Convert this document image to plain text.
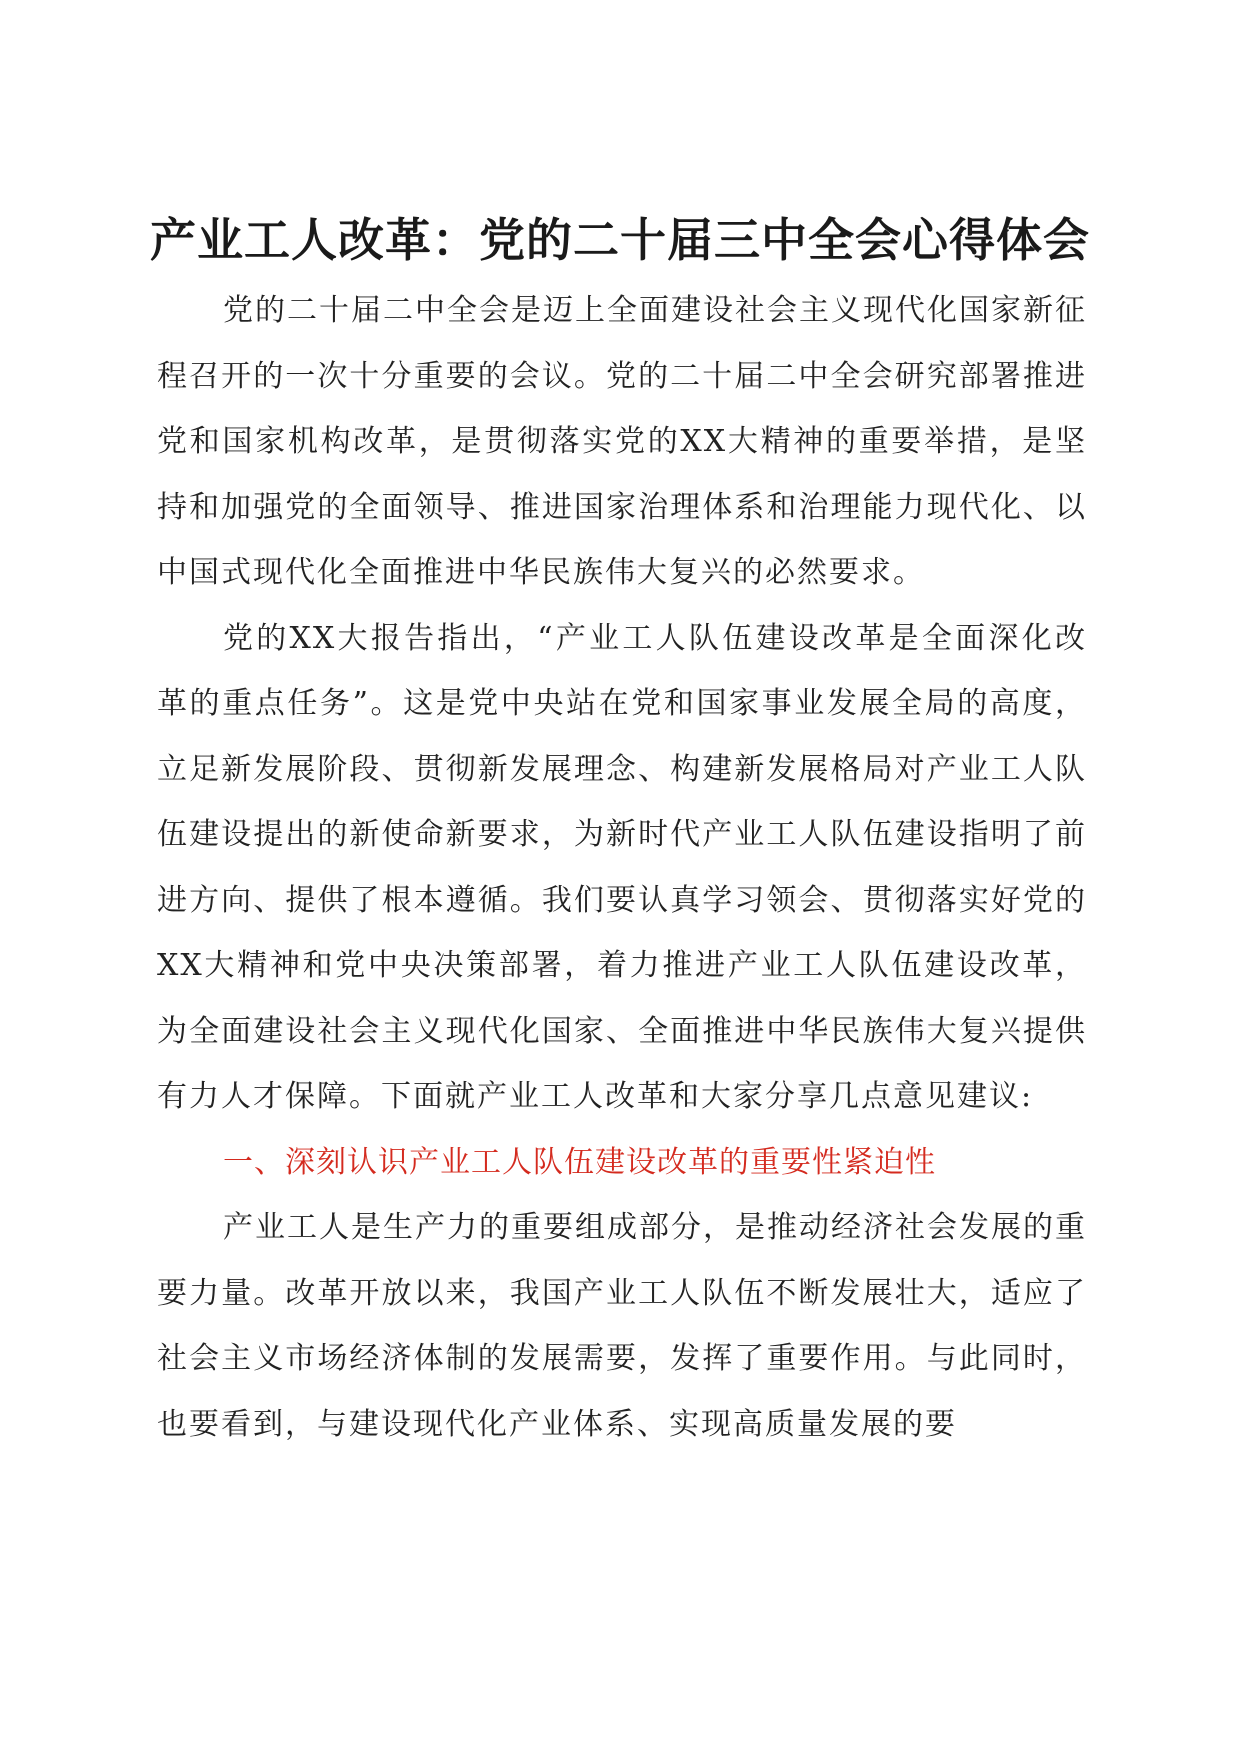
产业工人改革：党的二十届三中全会心得体会

党的二十届二中全会是迈上全面建设社会主义现代化国家新征程召开的一次十分重要的会议。党的二十届二中全会研究部署推进党和国家机构改革，是贯彻落实党的XX大精神的重要举措，是坚持和加强党的全面领导、推进国家治理体系和治理能力现代化、以中国式现代化全面推进中华民族伟大复兴的必然要求。

党的XX大报告指出，“产业工人队伍建设改革是全面深化改革的重点任务”。这是党中央站在党和国家事业发展全局的高度，立足新发展阶段、贯彻新发展理念、构建新发展格局对产业工人队伍建设提出的新使命新要求，为新时代产业工人队伍建设指明了前进方向、提供了根本遵循。我们要认真学习领会、贯彻落实好党的XX大精神和党中央决策部署，着力推进产业工人队伍建设改革，为全面建设社会主义现代化国家、全面推进中华民族伟大复兴提供有力人才保障。下面就产业工人改革和大家分享几点意见建议:

一、深刻认识产业工人队伍建设改革的重要性紧迫性

产业工人是生产力的重要组成部分，是推动经济社会发展的重要力量。改革开放以来，我国产业工人队伍不断发展壮大，适应了社会主义市场经济体制的发展需要，发挥了重要作用。与此同时，也要看到，与建设现代化产业体系、实现高质量发展的要
